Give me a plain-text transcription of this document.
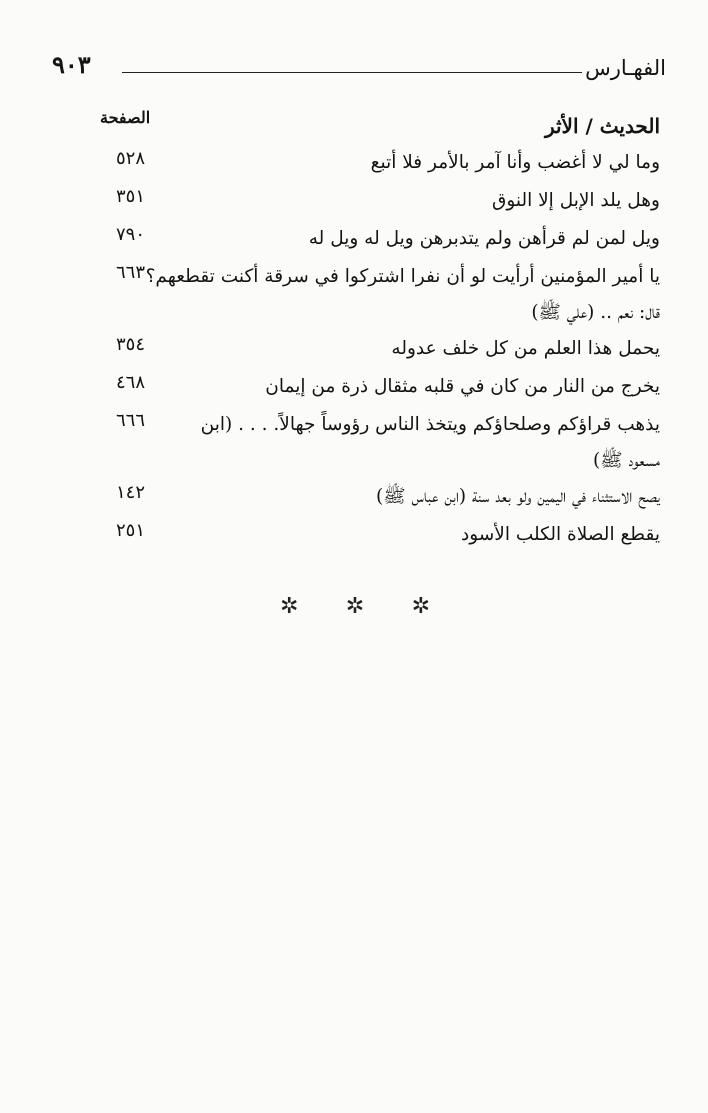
٩٠٣	الفهـارس
الحديث / الأثر
الصفحة
وما لي لا أغضب وأنا آمر بالأمر فلا أتبع
٥٢٨
وهل يلد الإبل إلا النوق
٣٥١
ويل لمن لم قرأهن ولم يتدبرهن ويل له ويل له
٧٩٠
يا أمير المؤمنين أرأيت لو أن نفرا اشتركوا في سرقة أكنت تقطعهم؟
٦٦٣
قال: نعم .. (علي ﷺ)
يحمل هذا العلم من كل خلف عدوله
٣٥٤
يخرج من النار من كان في قلبه مثقال ذرة من إيمان
٤٦٨
يذهب قراؤكم وصلحاؤكم ويتخذ الناس رؤوساً جهالاً. . . . (ابن
٦٦٦
مسعود ﷺ)
يصح الاستثناء في اليمين ولو بعد سنة (ابن عباس ﷺ)
١٤٢
يقطع الصلاة الكلب الأسود
٢٥١
✲ ✲ ✲
